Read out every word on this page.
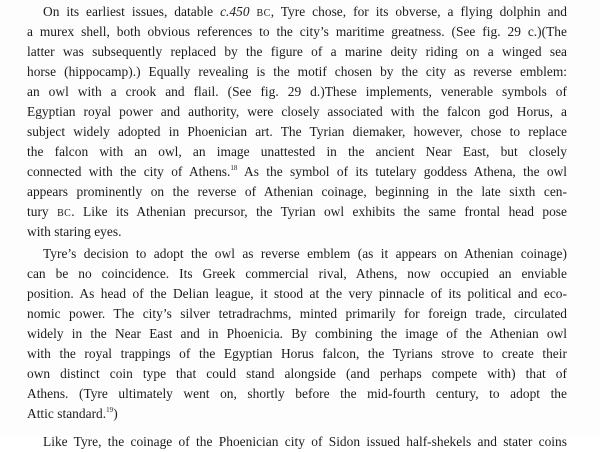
On its earliest issues, datable c.450 BC, Tyre chose, for its obverse, a flying dolphin and
a murex shell, both obvious references to the city’s maritime greatness. (See fig. 29 c.)(The
latter was subsequently replaced by the figure of a marine deity riding on a winged sea
horse (hippocamp).) Equally revealing is the motif chosen by the city as reverse emblem:
an owl with a crook and flail. (See fig. 29 d.)These implements, venerable symbols of
Egyptian royal power and authority, were closely associated with the falcon god Horus, a
subject widely adopted in Phoenician art. The Tyrian diemaker, however, chose to replace
the falcon with an owl, an image unattested in the ancient Near East, but closely
connected with the city of Athens.$^{18}$ As the symbol of its tutelary goddess Athena, the owl
appears prominently on the reverse of Athenian coinage, beginning in the late sixth cen-
tury BC. Like its Athenian precursor, the Tyrian owl exhibits the same frontal head pose
with staring eyes.
Tyre’s decision to adopt the owl as reverse emblem (as it appears on Athenian coinage)
can be no coincidence. Its Greek commercial rival, Athens, now occupied an enviable
position. As head of the Delian league, it stood at the very pinnacle of its political and eco-
nomic power. The city’s silver tetradrachms, minted primarily for foreign trade, circulated
widely in the Near East and in Phoenicia. By combining the image of the Athenian owl
with the royal trappings of the Egyptian Horus falcon, the Tyrians strove to create their
own distinct coin type that could stand alongside (and perhaps compete with) that of
Athens. (Tyre ultimately went on, shortly before the mid-fourth century, to adopt the
Attic standard.$^{19}$)
Like Tyre, the coinage of the Phoenician city of Sidon issued half-shekels and stater coins
